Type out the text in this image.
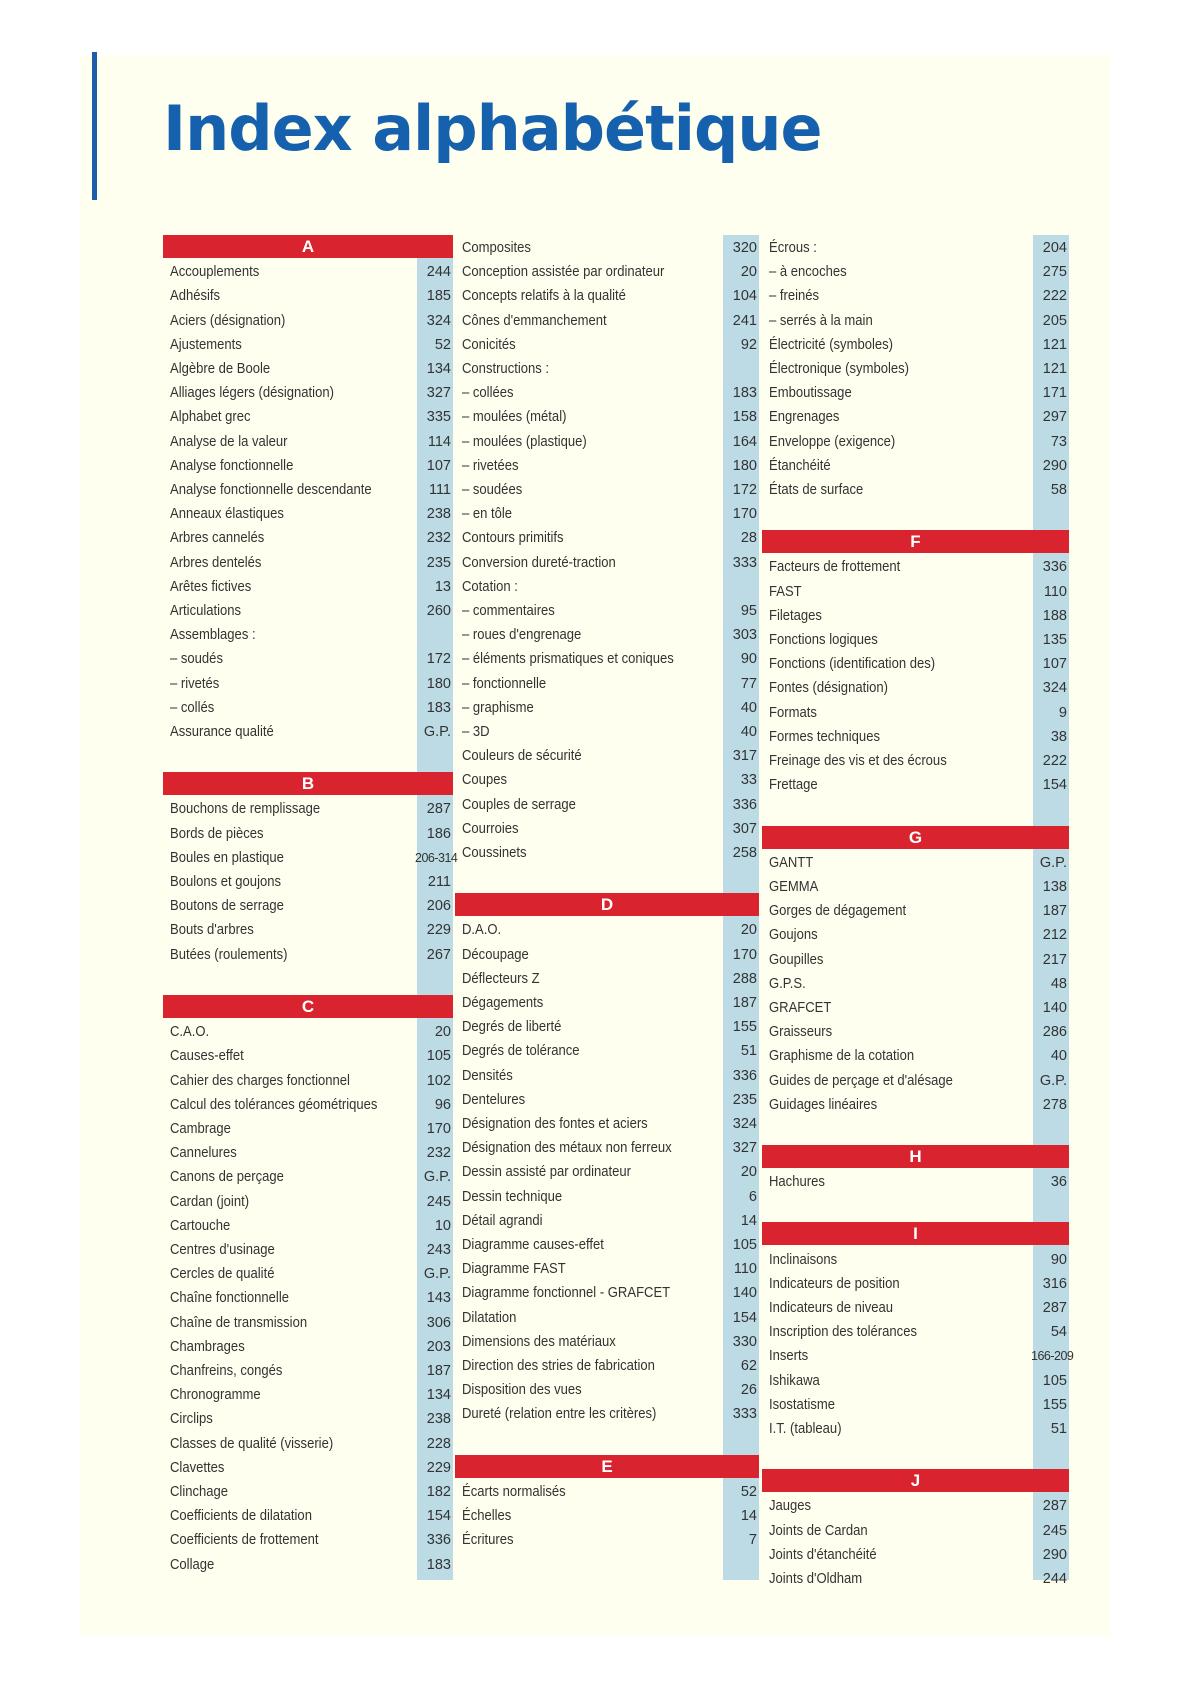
Index alphabétique
A
Accouplements	244
Adhésifs	185
Aciers (désignation)	324
Ajustements	52
Algèbre de Boole	134
Alliages légers (désignation)	327
Alphabet grec	335
Analyse de la valeur	114
Analyse fonctionnelle	107
Analyse fonctionnelle descendante	111
Anneaux élastiques	238
Arbres cannelés	232
Arbres dentelés	235
Arêtes fictives	13
Articulations	260
Assemblages :
– soudés	172
– rivetés	180
– collés	183
Assurance qualité	G.P.
B
Bouchons de remplissage	287
Bords de pièces	186
Boules en plastique	206-314
Boulons et goujons	211
Boutons de serrage	206
Bouts d'arbres	229
Butées (roulements)	267
C
C.A.O.	20
Causes-effet	105
Cahier des charges fonctionnel	102
Calcul des tolérances géométriques	96
Cambrage	170
Cannelures	232
Canons de perçage	G.P.
Cardan (joint)	245
Cartouche	10
Centres d'usinage	243
Cercles de qualité	G.P.
Chaîne fonctionnelle	143
Chaîne de transmission	306
Chambrages	203
Chanfreins, congés	187
Chronogramme	134
Circlips	238
Classes de qualité (visserie)	228
Clavettes	229
Clinchage	182
Coefficients de dilatation	154
Coefficients de frottement	336
Collage	183
Composites	320
Conception assistée par ordinateur	20
Concepts relatifs à la qualité	104
Cônes d'emmanchement	241
Conicités	92
Constructions :
– collées	183
– moulées (métal)	158
– moulées (plastique)	164
– rivetées	180
– soudées	172
– en tôle	170
Contours primitifs	28
Conversion dureté-traction	333
Cotation :
– commentaires	95
– roues d'engrenage	303
– éléments prismatiques et coniques	90
– fonctionnelle	77
– graphisme	40
– 3D	40
Couleurs de sécurité	317
Coupes	33
Couples de serrage	336
Courroies	307
Coussinets	258
D
D.A.O.	20
Découpage	170
Déflecteurs Z	288
Dégagements	187
Degrés de liberté	155
Degrés de tolérance	51
Densités	336
Dentelures	235
Désignation des fontes et aciers	324
Désignation des métaux non ferreux	327
Dessin assisté par ordinateur	20
Dessin technique	6
Détail agrandi	14
Diagramme causes-effet	105
Diagramme FAST	110
Diagramme fonctionnel - GRAFCET	140
Dilatation	154
Dimensions des matériaux	330
Direction des stries de fabrication	62
Disposition des vues	26
Dureté (relation entre les critères)	333
E
Écarts normalisés	52
Échelles	14
Écritures	7
Écrous :	204
– à encoches	275
– freinés	222
– serrés à la main	205
Électricité (symboles)	121
Électronique (symboles)	121
Emboutissage	171
Engrenages	297
Enveloppe (exigence)	73
Étanchéité	290
États de surface	58
F
Facteurs de frottement	336
FAST	110
Filetages	188
Fonctions logiques	135
Fonctions (identification des)	107
Fontes (désignation)	324
Formats	9
Formes techniques	38
Freinage des vis et des écrous	222
Frettage	154
G
GANTT	G.P.
GEMMA	138
Gorges de dégagement	187
Goujons	212
Goupilles	217
G.P.S.	48
GRAFCET	140
Graisseurs	286
Graphisme de la cotation	40
Guides de perçage et d'alésage	G.P.
Guidages linéaires	278
H
Hachures	36
I
Inclinaisons	90
Indicateurs de position	316
Indicateurs de niveau	287
Inscription des tolérances	54
Inserts	166-209
Ishikawa	105
Isostatisme	155
I.T. (tableau)	51
J
Jauges	287
Joints de Cardan	245
Joints d'étanchéité	290
Joints d'Oldham	244
